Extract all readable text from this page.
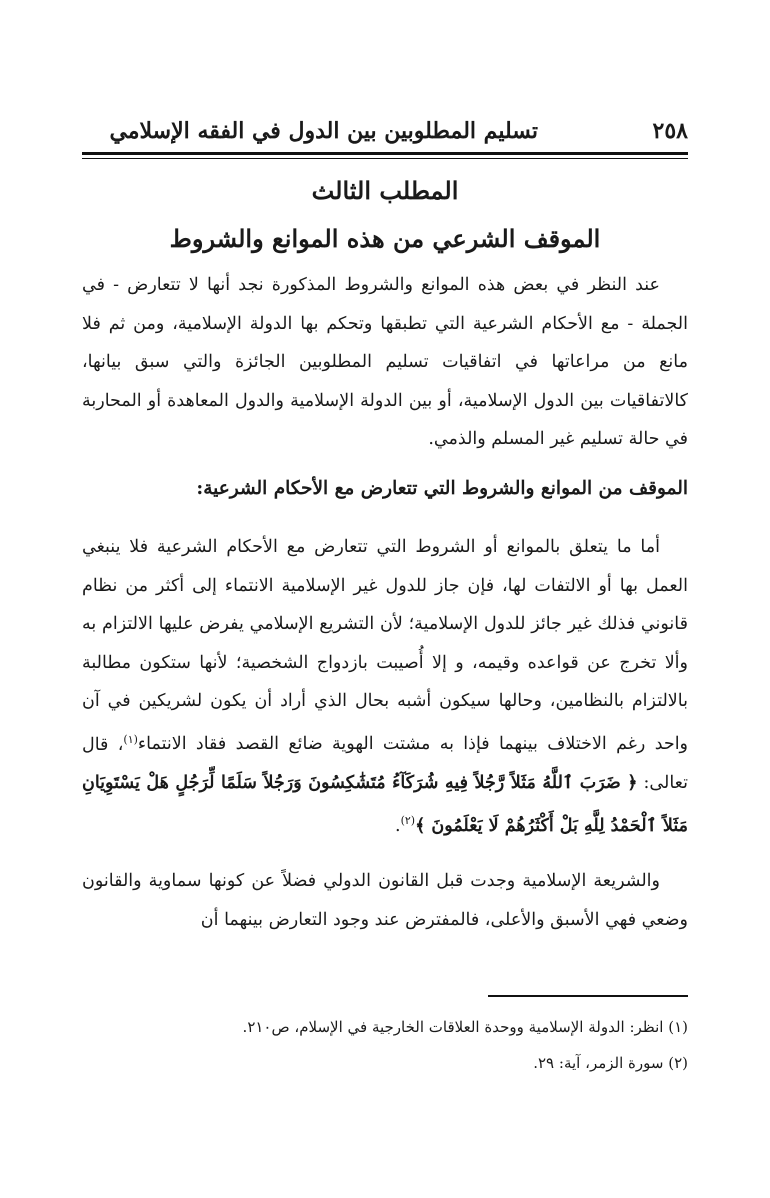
٢٥٨
تسليم المطلوبين بين الدول في الفقه الإسلامي
المطلب الثالث
الموقف الشرعي من هذه الموانع والشروط
عند النظر في بعض هذه الموانع والشروط المذكورة نجد أنها لا تتعارض - في الجملة - مع الأحكام الشرعية التي تطبقها وتحكم بها الدولة الإسلامية، ومن ثم فلا مانع من مراعاتها في اتفاقيات تسليم المطلوبين الجائزة والتي سبق بيانها، كالاتفاقيات بين الدول الإسلامية، أو بين الدولة الإسلامية والدول المعاهدة أو المحاربة في حالة تسليم غير المسلم والذمي.
الموقف من الموانع والشروط التي تتعارض مع الأحكام الشرعية:
أما ما يتعلق بالموانع أو الشروط التي تتعارض مع الأحكام الشرعية فلا ينبغي العمل بها أو الالتفات لها، فإن جاز للدول غير الإسلامية الانتماء إلى أكثر من نظام قانوني فذلك غير جائز للدول الإسلامية؛ لأن التشريع الإسلامي يفرض عليها الالتزام به وألا تخرج عن قواعده وقيمه، و إلا أُصيبت بازدواج الشخصية؛ لأنها ستكون مطالبة بالالتزام بالنظامين، وحالها سيكون أشبه بحال الذي أراد أن يكون لشريكين في آن واحد رغم الاختلاف بينهما فإذا به مشتت الهوية ضائع القصد فقاد الانتماء$^{(١)}$، قال تعالى: ﴿ ضَرَبَ ٱللَّهُ مَثَلاً رَّجُلاً فِيهِ شُرَكَآءُ مُتَشَٰكِسُونَ وَرَجُلاً سَلَمًا لِّرَجُلٍ هَلْ يَسْتَوِيَانِ مَثَلاً ٱلْحَمْدُ لِلَّهِ بَلْ أَكْثَرُهُمْ لَا يَعْلَمُونَ ﴾$^{(٢)}$.
والشريعة الإسلامية وجدت قبل القانون الدولي فضلاً عن كونها سماوية والقانون وضعي فهي الأسبق والأعلى، فالمفترض عند وجود التعارض بينهما أن
(١) انظر: الدولة الإسلامية ووحدة العلاقات الخارجية في الإسلام، ص٢١٠.
(٢) سورة الزمر، آية: ٢٩.
